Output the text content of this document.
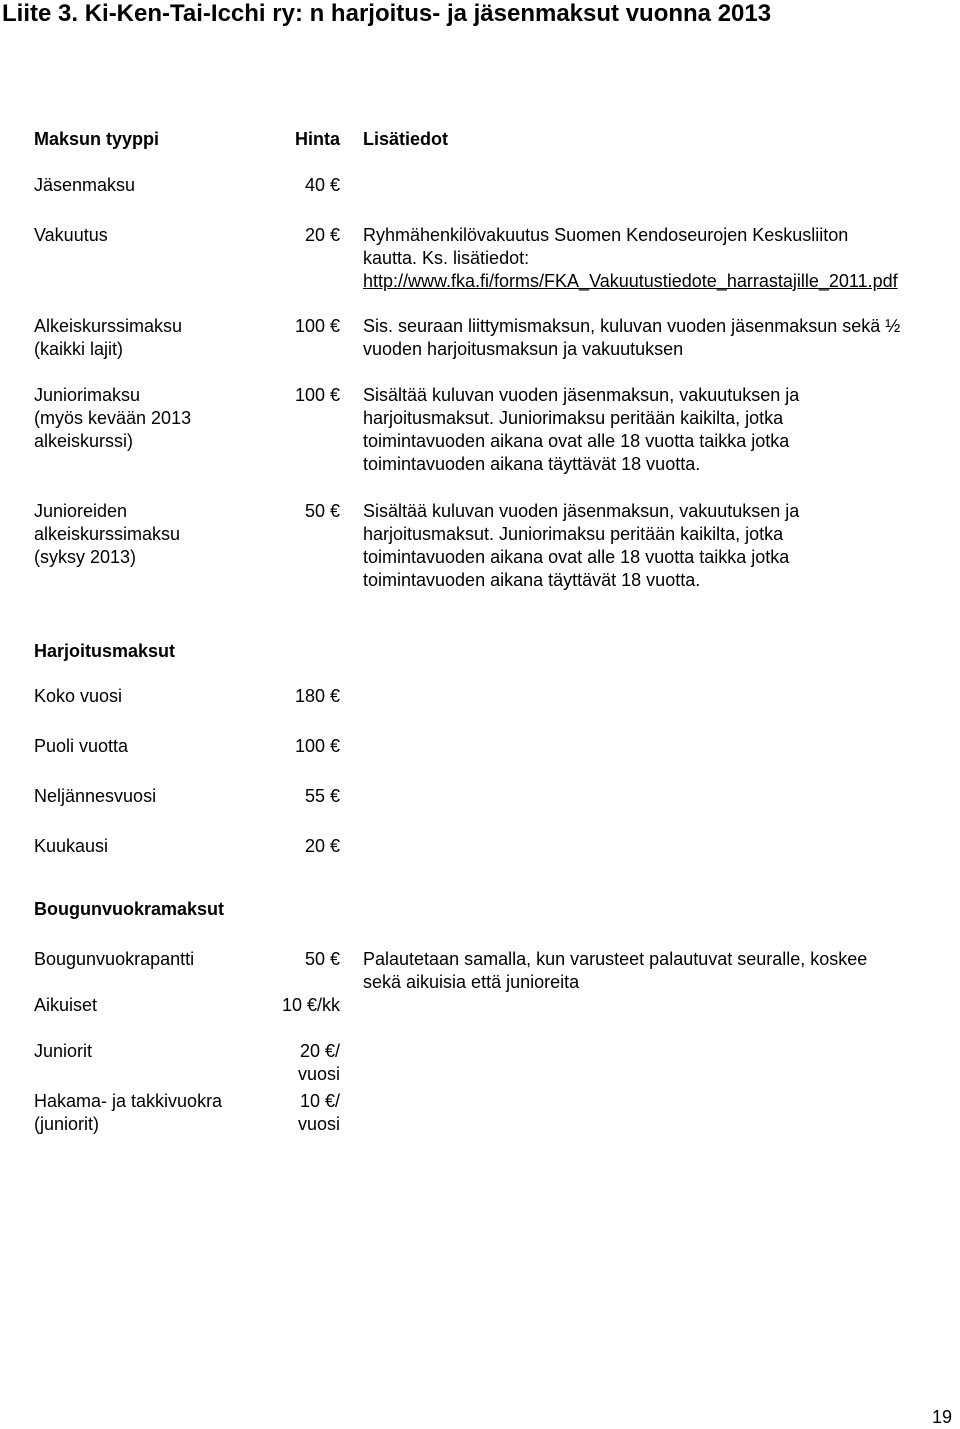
Liite 3. Ki-Ken-Tai-Icchi ry: n harjoitus- ja jäsenmaksut vuonna 2013
Maksun tyyppi	Hinta Lisätiedot
Jäsenmaksu	40 €
Vakuutus	20 € Ryhmähenkilövakuutus Suomen Kendoseurojen Keskusliiton
kautta. Ks. lisätiedot:
http://www.fka.fi/forms/FKA_Vakuutustiedote_harrastajille_2011.pdf
Alkeiskurssimaksu
(kaikki lajit)
100 € Sis. seuraan liittymismaksun, kuluvan vuoden jäsenmaksun sekä ½
vuoden harjoitusmaksun ja vakuutuksen
Juniorimaksu
(myös kevään 2013
alkeiskurssi)
100 € Sisältää kuluvan vuoden jäsenmaksun, vakuutuksen ja
harjoitusmaksut. Juniorimaksu peritään kaikilta, jotka
toimintavuoden aikana ovat alle 18 vuotta taikka jotka
toimintavuoden aikana täyttävät 18 vuotta.
Junioreiden
alkeiskurssimaksu
(syksy 2013)
50 € Sisältää kuluvan vuoden jäsenmaksun, vakuutuksen ja
harjoitusmaksut. Juniorimaksu peritään kaikilta, jotka
toimintavuoden aikana ovat alle 18 vuotta taikka jotka
toimintavuoden aikana täyttävät 18 vuotta.
Harjoitusmaksut
Koko vuosi	180 €
Puoli vuotta	100 €
Neljännesvuosi	55 €
Kuukausi	20 €
Bougunvuokramaksut
Bougunvuokrapantti	50 € Palautetaan samalla, kun varusteet palautuvat seuralle, koskee
sekä aikuisia että junioreita
Aikuiset	10 €/kk
Juniorit	20 €/
vuosi
Hakama- ja takkivuokra
(juniorit)
10 €/
vuosi
19
